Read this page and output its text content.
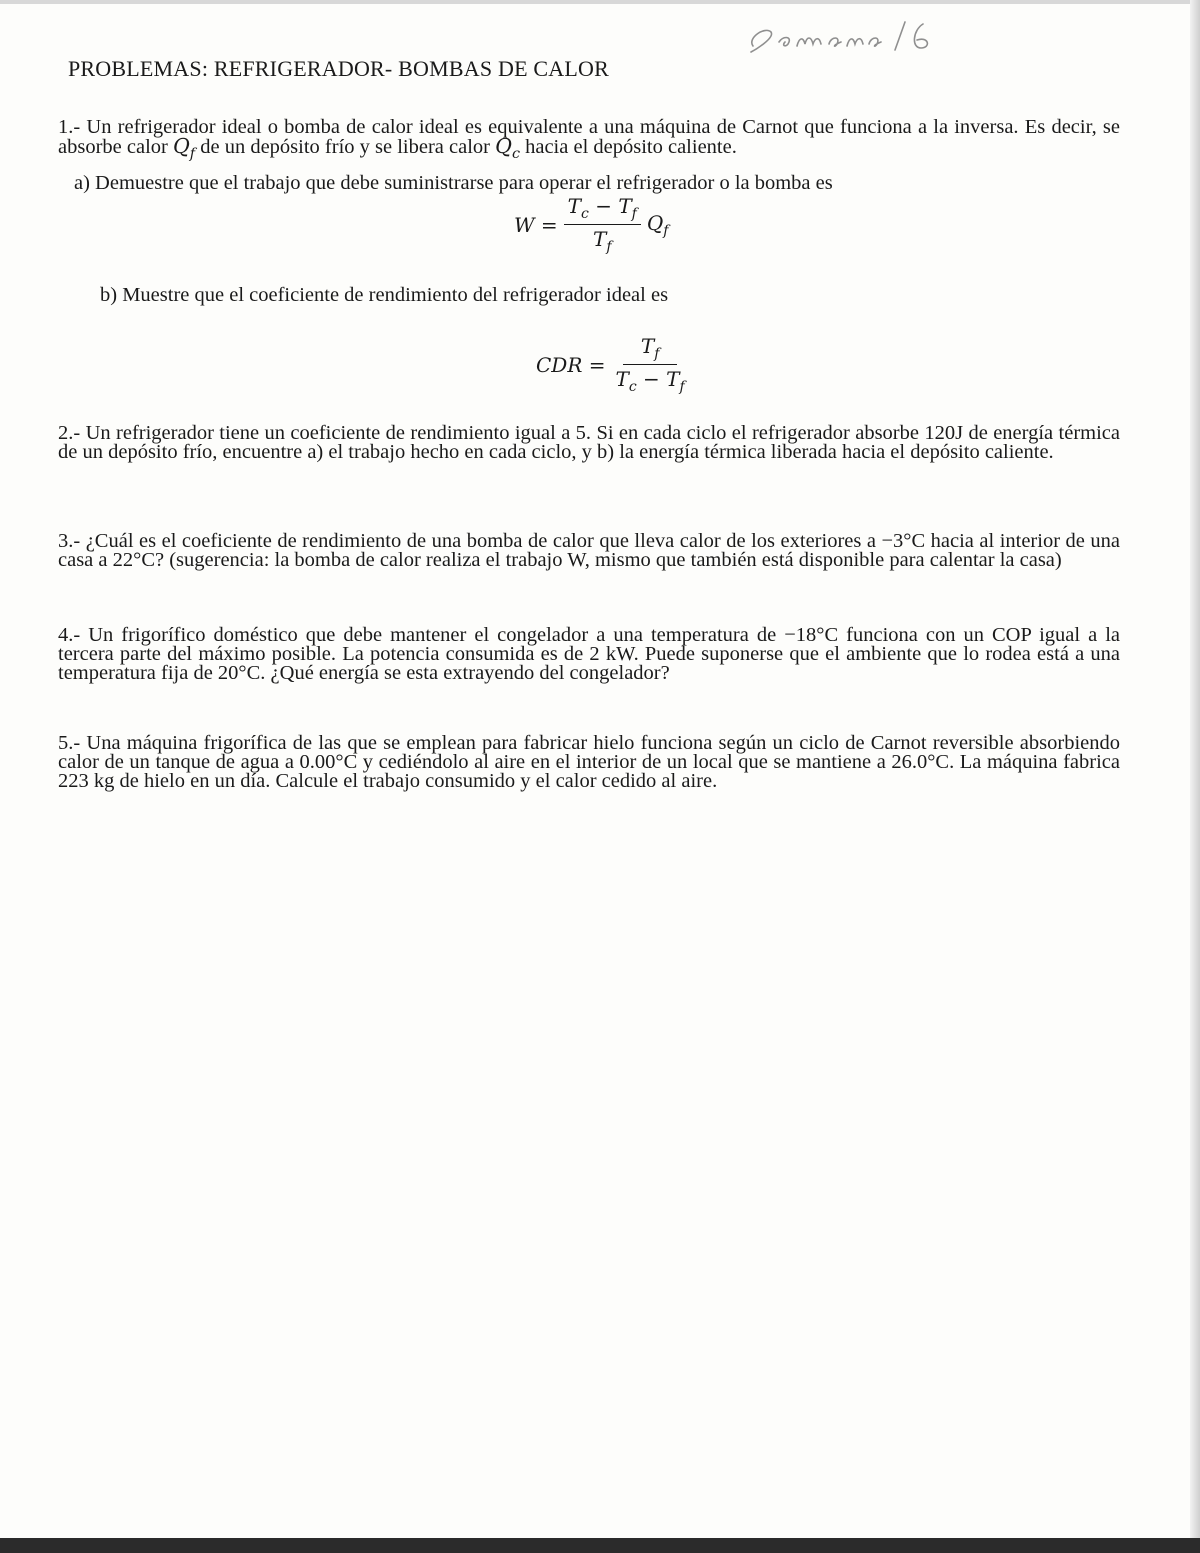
PROBLEMAS: REFRIGERADOR- BOMBAS DE CALOR

1.- Un refrigerador ideal o bomba de calor ideal es equivalente a una máquina de Carnot que funciona a la inversa. Es decir, se absorbe calor $Q_f$ de un depósito frío y se libera calor $Q_c$ hacia el depósito caliente.

a) Demuestre que el trabajo que debe suministrarse para operar el refrigerador o la bomba es
$W = \frac{T_c - T_f}{T_f} Q_f$
b) Muestre que el coeficiente de rendimiento del refrigerador ideal es
CDR = $\frac{T_f}{T_c - T_f}$
2.- Un refrigerador tiene un coeficiente de rendimiento igual a 5. Si en cada ciclo el refrigerador absorbe 120J de energía térmica de un depósito frío, encuentre a) el trabajo hecho en cada ciclo, y b) la energía térmica liberada hacia el depósito caliente.
3.- ¿Cuál es el coeficiente de rendimiento de una bomba de calor que lleva calor de los exteriores a −3°C hacia al interior de una casa a 22°C? (sugerencia: la bomba de calor realiza el trabajo W, mismo que también está disponible para calentar la casa)
4.- Un frigorífico doméstico que debe mantener el congelador a una temperatura de −18°C funciona con un COP igual a la tercera parte del máximo posible. La potencia consumida es de 2 kW. Puede suponerse que el ambiente que lo rodea está a una temperatura fija de 20°C. ¿Qué energía se esta extrayendo del congelador?
5.- Una máquina frigorífica de las que se emplean para fabricar hielo funciona según un ciclo de Carnot reversible absorbiendo calor de un tanque de agua a 0.00°C y cediéndolo al aire en el interior de un local que se mantiene a 26.0°C. La máquina fabrica 223 kg de hielo en un día. Calcule el trabajo consumido y el calor cedido al aire.
